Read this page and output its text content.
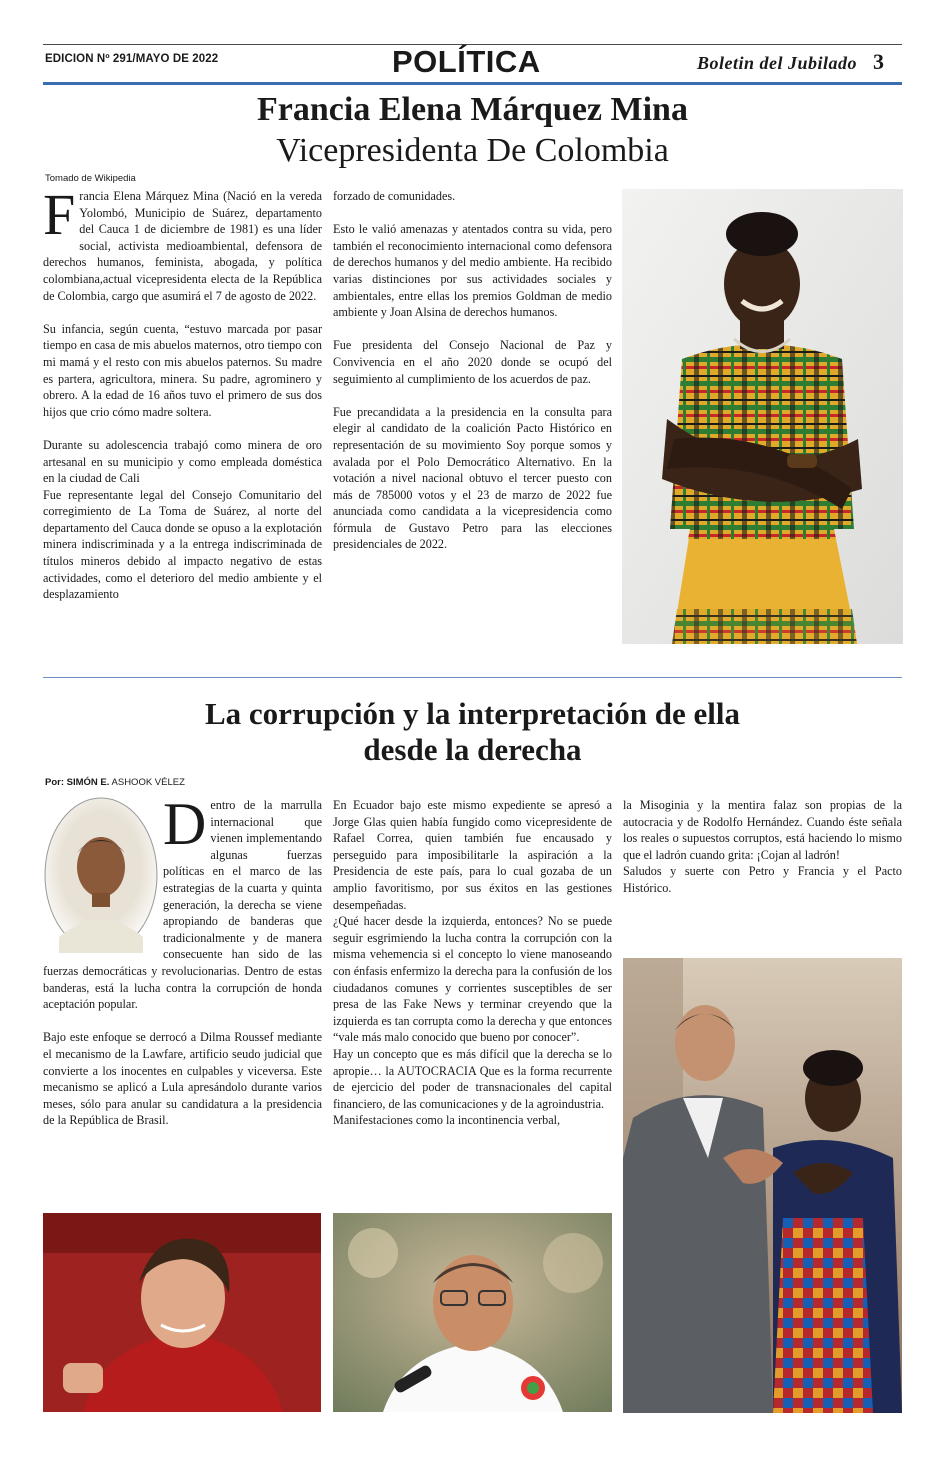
EDICION Nº 291/MAYO DE 2022	POLÍTICA	Boletin del Jubilado 3
Francia Elena Márquez Mina
Vicepresidenta De Colombia
Tomado de Wikipedia

Francia Elena Márquez Mina (Nació en la vereda Yolombó, Municipio de Suárez, departamento del Cauca 1 de diciembre de 1981) es una líder social, activista medioambiental, defensora de derechos humanos, feminista, abogada, y política colombiana,actual vicepresidenta electa de la República de Colombia, cargo que asumirá el 7 de agosto de 2022.

Su infancia, según cuenta, “estuvo marcada por pasar tiempo en casa de mis abuelos maternos, otro tiempo con mi mamá y el resto con mis abuelos paternos. Su madre es partera, agricultora, minera. Su padre, agrominero y obrero. A la edad de 16 años tuvo el primero de sus dos hijos que crio cómo madre soltera.

Durante su adolescencia trabajó como minera de oro artesanal en su municipio y como empleada doméstica en la ciudad de Cali

Fue representante legal del Consejo Comunitario del corregimiento de La Toma de Suárez, al norte del departamento del Cauca donde se opuso a la explotación minera indiscriminada y a la entrega indiscriminada de títulos mineros debido al impacto negativo de estas actividades, como el deterioro del medio ambiente y el desplazamiento

forzado de comunidades.

Esto le valió amenazas y atentados contra su vida, pero también el reconocimiento internacional como defensora de derechos humanos y del medio ambiente. Ha recibido varias distinciones por sus actividades sociales y ambientales, entre ellas los premios Goldman de medio ambiente y Joan Alsina de derechos humanos.

Fue presidenta del Consejo Nacional de Paz y Convivencia en el año 2020 donde se ocupó del seguimiento al cumplimiento de los acuerdos de paz.

Fue precandidata a la presidencia en la consulta para elegir al candidato de la coalición Pacto Histórico en representación de su movimiento Soy porque somos y avalada por el Polo Democrático Alternativo. En la votación a nivel nacional obtuvo el tercer puesto con más de 785000 votos y el 23 de marzo de 2022 fue anunciada como candidata a la vicepresidencia como fórmula de Gustavo Petro para las elecciones presidenciales de 2022.

La corrupción y la interpretación de ella
desde la derecha
Por: SIMÓN E. ASHOOK VÉLEZ

Dentro de la marrulla internacional que vienen implementando algunas fuerzas políticas en el marco de las estrategias de la cuarta y quinta generación, la derecha se viene apropiando de banderas que tradicionalmente y de manera consecuente han sido de las fuerzas democráticas y revolucionarias. Dentro de estas banderas, está la lucha contra la corrupción de honda aceptación popular.

Bajo este enfoque se derrocó a Dilma Roussef mediante el mecanismo de la Lawfare, artificio seudo judicial que convierte a los inocentes en culpables y viceversa. Este mecanismo se aplicó a Lula apresándolo durante varios meses, sólo para anular su candidatura a la presidencia de la República de Brasil.

En Ecuador bajo este mismo expediente se apresó a Jorge Glas quien había fungido como vicepresidente de Rafael Correa, quien también fue encausado y perseguido para imposibilitarle la aspiración a la Presidencia de este país, para lo cual gozaba de un amplio favoritismo, por sus éxitos en las gestiones desempeñadas.

¿Qué hacer desde la izquierda, entonces? No se puede seguir esgrimiendo la lucha contra la corrupción con la misma vehemencia si el concepto lo viene manoseando con énfasis enfermizo la derecha para la confusión de los ciudadanos comunes y corrientes susceptibles de ser presa de las Fake News y terminar creyendo que la izquierda es tan corrupta como la derecha y que entonces “vale más malo conocido que bueno por conocer”.

Hay un concepto que es más difícil que la derecha se lo apropie… la AUTOCRACIA Que es la forma recurrente de ejercicio del poder de transnacionales del capital financiero, de las comunicaciones y de la agroindustria.

Manifestaciones como la incontinencia verbal,

la Misoginia y la mentira falaz son propias de la autocracia y de Rodolfo Hernández. Cuando éste señala los reales o supuestos corruptos, está haciendo lo mismo que el ladrón cuando grita: ¡Cojan al ladrón!

Saludos y suerte con Petro y Francia y el Pacto Histórico.
